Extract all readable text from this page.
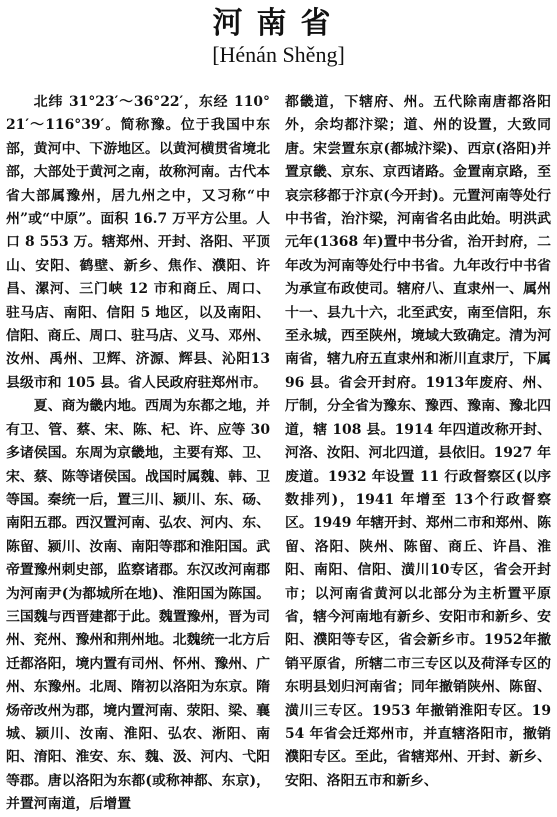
河南省
[Hénán Shěng]

北纬 31°23′～36°22′，东经 110°21′～116°39′。简称豫。位于我国中东部，黄河中、下游地区。以黄河横贯省境北部，大部处于黄河之南，故称河南。古代本省大部属豫州，居九州之中，又习称“中州”或“中原”。面积 16.7 万平方公里。人口 8 553 万。辖郑州、开封、洛阳、平顶山、安阳、鹤壁、新乡、焦作、濮阳、许昌、漯河、三门峡 12 市和商丘、周口、驻马店、南阳、信阳 5 地区，以及南阳、信阳、商丘、周口、驻马店、义马、邓州、汝州、禹州、卫辉、济源、辉县、沁阳13 县级市和 105 县。省人民政府驻郑州市。

夏、商为畿内地。西周为东都之地，并有卫、管、蔡、宋、陈、杞、许、应等 30 多诸侯国。东周为京畿地，主要有郑、卫、宋、蔡、陈等诸侯国。战国时属魏、韩、卫等国。秦统一后，置三川、颍川、东、砀、南阳五郡。西汉置河南、弘农、河内、东、陈留、颍川、汝南、南阳等郡和淮阳国。武帝置豫州刺史部，监察诸郡。东汉改河南郡为河南尹(为都城所在地)、淮阳国为陈国。三国魏与西晋建都于此。魏置豫州，晋为司州、兖州、豫州和荆州地。北魏统一北方后迁都洛阳，境内置有司州、怀州、豫州、广州、东豫州。北周、隋初以洛阳为东京。隋炀帝改州为郡，境内置河南、荥阳、梁、襄城、颍川、汝南、淮阳、弘农、淅阳、南阳、淯阳、淮安、东、魏、汲、河内、弋阳等郡。唐以洛阳为东都(或称神都、东京)，并置河南道，后增置

都畿道，下辖府、州。五代除南唐都洛阳外，余均都汴梁；道、州的设置，大致同唐。宋尝置东京(都城汴梁)、西京(洛阳)并置京畿、京东、京西诸路。金置南京路，至哀宗移都于汴京(今开封)。元置河南等处行中书省，治汴梁，河南省名由此始。明洪武元年(1368 年)置中书分省，治开封府，二年改为河南等处行中书省。九年改行中书省为承宣布政使司。辖府八、直隶州一、属州十一、县九十六，北至武安，南至信阳，东至永城，西至陕州，境域大致确定。清为河南省，辖九府五直隶州和淅川直隶厅，下属 96 县。省会开封府。1913年废府、州、厅制，分全省为豫东、豫西、豫南、豫北四道，辖 108 县。1914 年四道改称开封、河洛、汝阳、河北四道，县依旧。1927 年废道。1932 年设置 11 行政督察区(以序数排列)，1941 年增至 13个行政督察区。1949 年辖开封、郑州二市和郑州、陈留、洛阳、陕州、陈留、商丘、许昌、淮阳、南阳、信阳、潢川10专区，省会开封市；以河南省黄河以北部分为主析置平原省，辖今河南地有新乡、安阳市和新乡、安阳、濮阳等专区，省会新乡市。1952年撤销平原省，所辖二市三专区以及荷泽专区的东明县划归河南省；同年撤销陕州、陈留、潢川三专区。1953 年撤销淮阳专区。1954 年省会迁郑州市，并直辖洛阳市，撤销濮阳专区。至此，省辖郑州、开封、新乡、安阳、洛阳五市和新乡、
